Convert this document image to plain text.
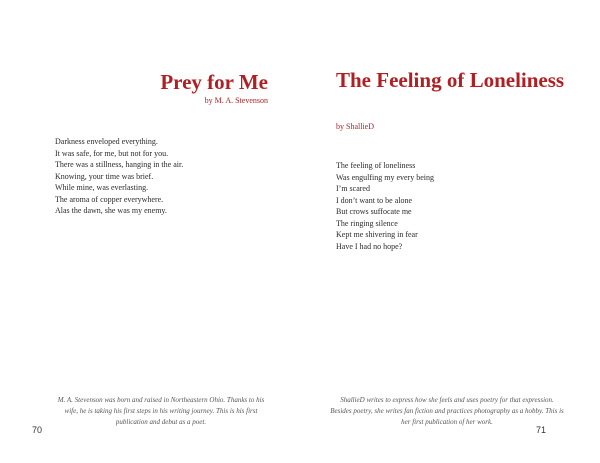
Prey for Me
by M. A. Stevenson
Darkness enveloped everything.
It was safe, for me, but not for you.
There was a stillness, hanging in the air.
Knowing, your time was brief.
While mine, was everlasting.
The aroma of copper everywhere.
Alas the dawn, she was my enemy.

M. A. Stevenson was born and raised in Northeastern Ohio. Thanks to his wife, he is taking his first steps in his writing journey. This is his first publication and debut as a poet.

70
The Feeling of Loneliness
by ShallieD
The feeling of loneliness
Was engulfing my every being
I’m scared
I don’t want to be alone
But crows suffocate me
The ringing silence
Kept me shivering in fear
Have I had no hope?

ShallieD writes to express how she feels and uses poetry for that expression. Besides poetry, she writes fan fiction and practices photography as a hobby. This is her first publication of her work.

71
